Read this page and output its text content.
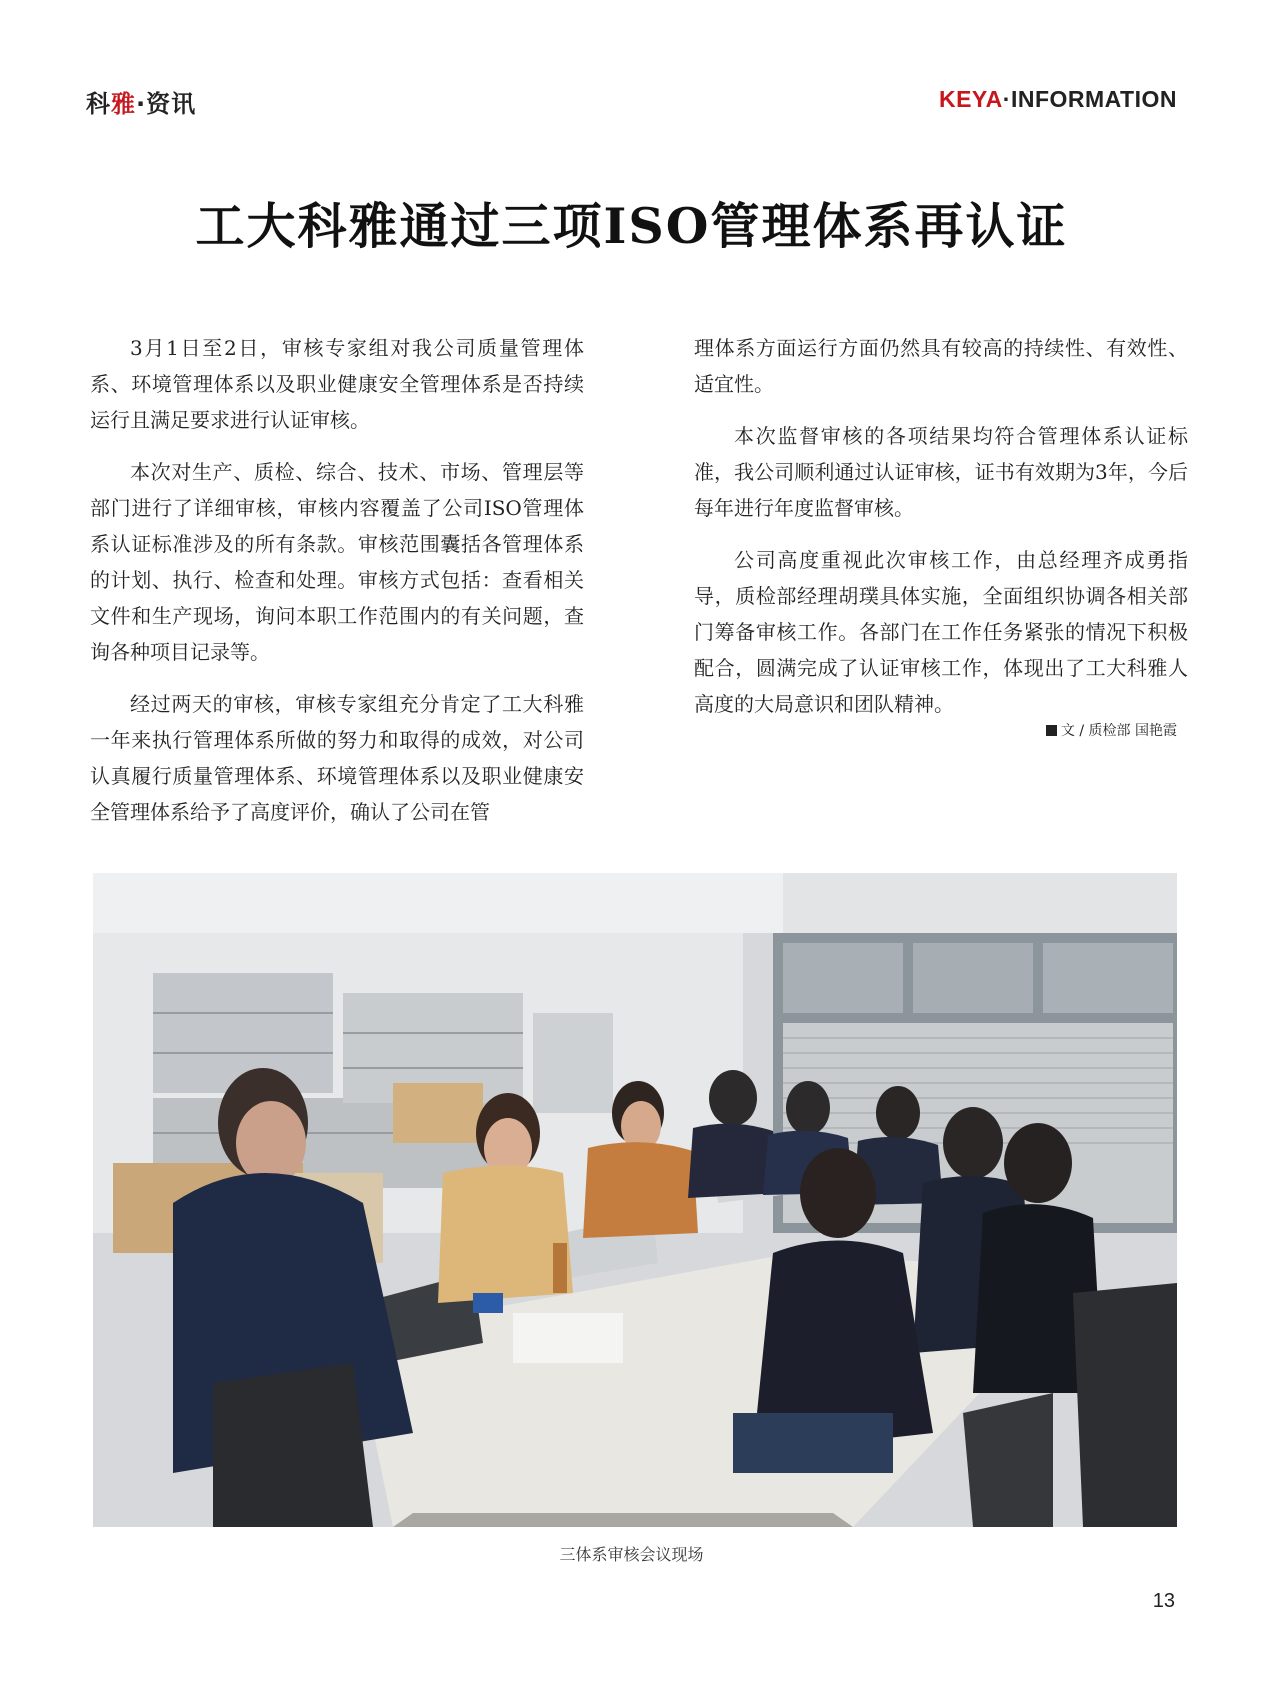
科雅·资讯	KEYA·INFORMATION
工大科雅通过三项ISO管理体系再认证

3月1日至2日，审核专家组对我公司质量管理体系、环境管理体系以及职业健康安全管理体系是否持续运行且满足要求进行认证审核。

本次对生产、质检、综合、技术、市场、管理层等部门进行了详细审核，审核内容覆盖了公司ISO管理体系认证标准涉及的所有条款。审核范围囊括各管理体系的计划、执行、检查和处理。审核方式包括：查看相关文件和生产现场，询问本职工作范围内的有关问题，查询各种项目记录等。

经过两天的审核，审核专家组充分肯定了工大科雅一年来执行管理体系所做的努力和取得的成效，对公司认真履行质量管理体系、环境管理体系以及职业健康安全管理体系给予了高度评价，确认了公司在管

理体系方面运行方面仍然具有较高的持续性、有效性、适宜性。

本次监督审核的各项结果均符合管理体系认证标准，我公司顺利通过认证审核，证书有效期为3年，今后每年进行年度监督审核。

公司高度重视此次审核工作，由总经理齐成勇指导，质检部经理胡璞具体实施，全面组织协调各相关部门筹备审核工作。各部门在工作任务紧张的情况下积极配合，圆满完成了认证审核工作，体现出了工大科雅人高度的大局意识和团队精神。

文 / 质检部 国艳霞
三体系审核会议现场
13
